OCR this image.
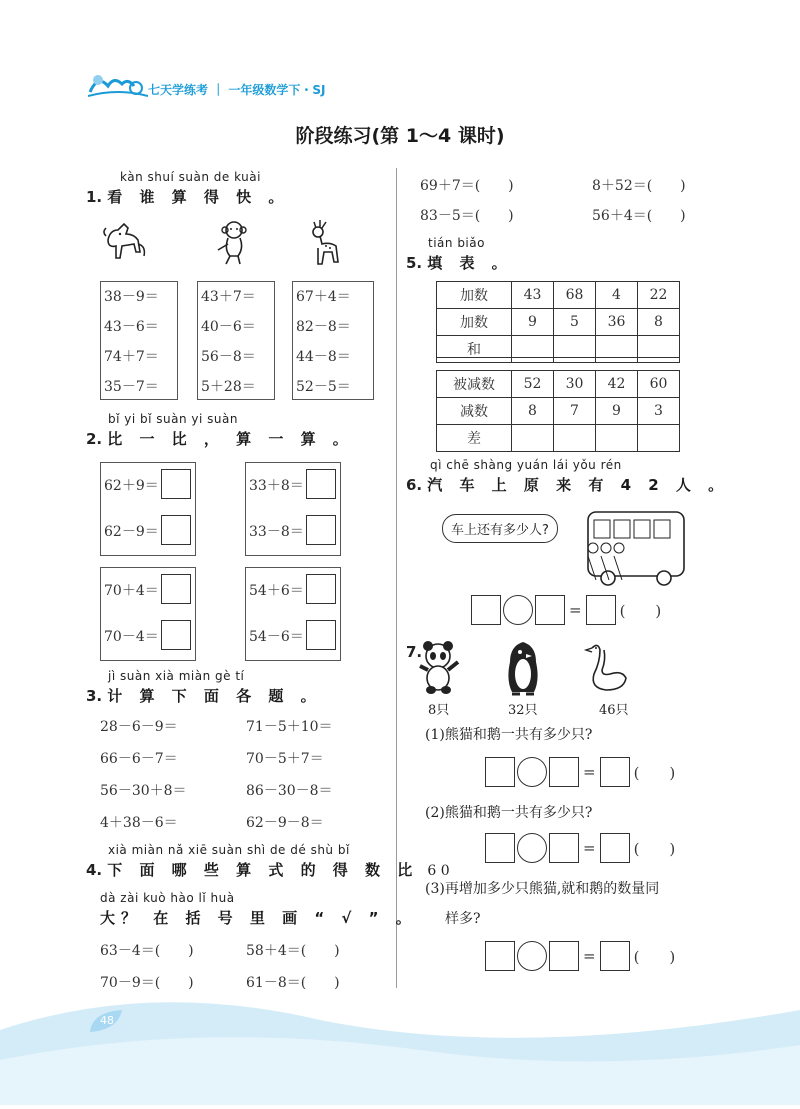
七天学练考 ｜ 一年级数学下・SJ
阶段练习(第 1～4 课时)
kàn shuí suàn de kuài
1. 看 谁 算 得 快 。
38－9＝
43－6＝
74＋7＝
35－7＝
43＋7＝
40－6＝
56－8＝
5＋28＝
67＋4＝
82－8＝
44－8＝
52－5＝
bǐ yi bǐ suàn yi suàn
2. 比 一 比 ， 算 一 算 。
62＋9＝
62－9＝
33＋8＝
33－8＝
70＋4＝
70－4＝
54＋6＝
54－6＝
jì suàn xià miàn gè tí
3. 计 算 下 面 各 题 。
28－6－9＝
66－6－7＝
56－30＋8＝
4＋38－6＝
71－5＋10＝
70－5＋7＝
86－30－8＝
62－9－8＝
xià miàn nǎ xiē suàn shì de dé shù bǐ
4. 下 面 哪 些 算 式 的 得 数 比 6 0
dà zài kuò hào lǐ huà
大？ 在 括 号 里 画 “ √ ” 。
63－4＝(　　)	58＋4＝(　　)
70－9＝(　　)	61－8＝(　　)
69＋7＝(　　)	8＋52＝(　　)
83－5＝(　　)	56＋4＝(　　)
tián biǎo
5. 填 表 。
加数	43	68	4	22
加数	9	5	36	8
和				
被减数	52	30	42	60
减数	8	7	9	3
差				
qì chē shàng yuán lái yǒu rén
6. 汽 车 上 原 来 有 4 2 人 。
车上还有多少人?
=	(　　)
7.
8只	32只	46只
(1)熊猫和鹅一共有多少只?
=	(　　)
(2)熊猫和鹅一共有多少只?
=	(　　)
(3)再增加多少只熊猫,就和鹅的数量同
样多?
=	(　　)
48
